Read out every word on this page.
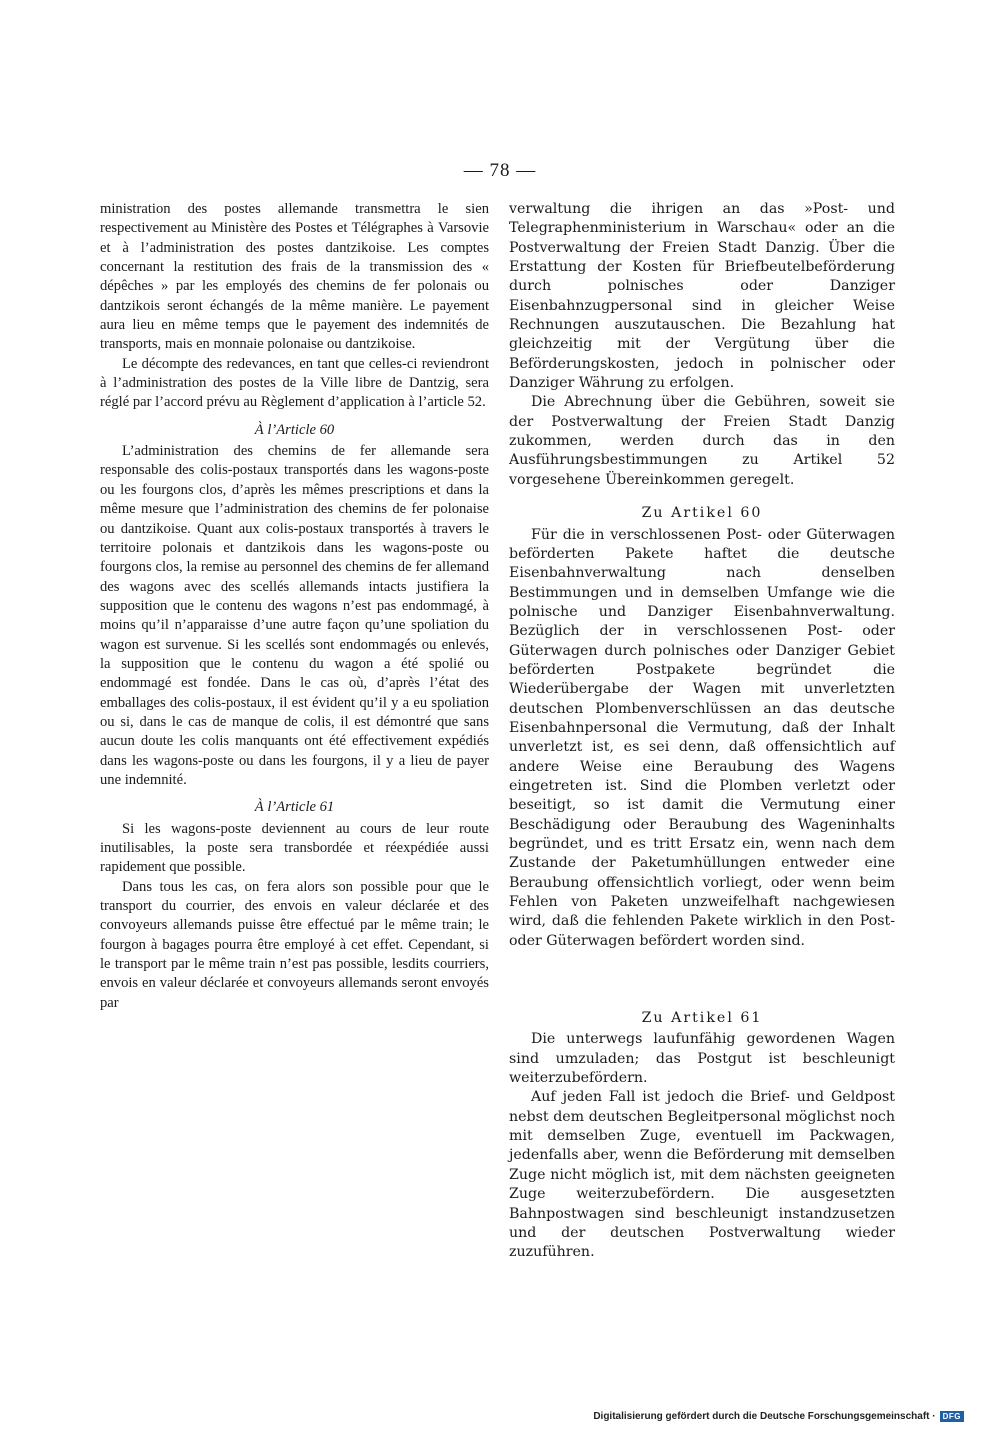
— 78 —

ministration des postes allemande transmettra le sien respectivement au Ministère des Postes et Télégraphes à Varsovie et à l’administration des postes dantzikoise. Les comptes concernant la restitution des frais de la transmission des « dépêches » par les employés des chemins de fer polonais ou dantzikois seront échangés de la même manière. Le payement aura lieu en même temps que le payement des indemnités de transports, mais en monnaie polonaise ou dantzikoise.

Le décompte des redevances, en tant que celles-ci reviendront à l’administration des postes de la Ville libre de Dantzig, sera réglé par l’accord prévu au Règlement d’application à l’article 52.

À l’Article 60

L’administration des chemins de fer allemande sera responsable des colis-postaux transportés dans les wagons-poste ou les fourgons clos, d’après les mêmes prescriptions et dans la même mesure que l’administration des chemins de fer polonaise ou dantzikoise. Quant aux colis-postaux transportés à travers le territoire polonais et dantzikois dans les wagons-poste ou fourgons clos, la remise au personnel des chemins de fer allemand des wagons avec des scellés allemands intacts justifiera la supposition que le contenu des wagons n’est pas endommagé, à moins qu’il n’apparaisse d’une autre façon qu’une spoliation du wagon est survenue. Si les scellés sont endommagés ou enlevés, la supposition que le contenu du wagon a été spolié ou endommagé est fondée. Dans le cas où, d’après l’état des emballages des colis-postaux, il est évident qu’il y a eu spoliation ou si, dans le cas de manque de colis, il est démontré que sans aucun doute les colis manquants ont été effectivement expédiés dans les wagons-poste ou dans les fourgons, il y a lieu de payer une indemnité.

À l’Article 61

Si les wagons-poste deviennent au cours de leur route inutilisables, la poste sera transbordée et réexpédiée aussi rapidement que possible.

Dans tous les cas, on fera alors son possible pour que le transport du courrier, des envois en valeur déclarée et des convoyeurs allemands puisse être effectué par le même train; le fourgon à bagages pourra être employé à cet effet. Cependant, si le transport par le même train n’est pas possible, lesdits courriers, envois en valeur déclarée et convoyeurs allemands seront envoyés par

verwaltung die ihrigen an das »Post- und Telegraphenministerium in Warschau« oder an die Postverwaltung der Freien Stadt Danzig. Über die Erstattung der Kosten für Briefbeutelbeförderung durch polnisches oder Danziger Eisenbahnzugpersonal sind in gleicher Weise Rechnungen auszutauschen. Die Bezahlung hat gleichzeitig mit der Vergütung über die Beförderungskosten, jedoch in polnischer oder Danziger Währung zu erfolgen.

Die Abrechnung über die Gebühren, soweit sie der Postverwaltung der Freien Stadt Danzig zukommen, werden durch das in den Ausführungsbestimmungen zu Artikel 52 vorgesehene Übereinkommen geregelt.

Zu Artikel 60

Für die in verschlossenen Post- oder Güterwagen beförderten Pakete haftet die deutsche Eisenbahnverwaltung nach denselben Bestimmungen und in demselben Umfange wie die polnische und Danziger Eisenbahnverwaltung. Bezüglich der in verschlossenen Post- oder Güterwagen durch polnisches oder Danziger Gebiet beförderten Postpakete begründet die Wiederübergabe der Wagen mit unverletzten deutschen Plombenverschlüssen an das deutsche Eisenbahnpersonal die Vermutung, daß der Inhalt unverletzt ist, es sei denn, daß offensichtlich auf andere Weise eine Beraubung des Wagens eingetreten ist. Sind die Plomben verletzt oder beseitigt, so ist damit die Vermutung einer Beschädigung oder Beraubung des Wageninhalts begründet, und es tritt Ersatz ein, wenn nach dem Zustande der Paketumhüllungen entweder eine Beraubung offensichtlich vorliegt, oder wenn beim Fehlen von Paketen unzweifelhaft nachgewiesen wird, daß die fehlenden Pakete wirklich in den Post- oder Güterwagen befördert worden sind.

Zu Artikel 61

Die unterwegs laufunfähig gewordenen Wagen sind umzuladen; das Postgut ist beschleunigt weiterzubefördern.

Auf jeden Fall ist jedoch die Brief- und Geldpost nebst dem deutschen Begleitpersonal möglichst noch mit demselben Zuge, eventuell im Packwagen, jedenfalls aber, wenn die Beförderung mit demselben Zuge nicht möglich ist, mit dem nächsten geeigneten Zuge weiterzubefördern. Die ausgesetzten Bahnpostwagen sind beschleunigt instandzusetzen und der deutschen Postverwaltung wieder zuzuführen.

Digitalisierung gefördert durch die Deutsche Forschungsgemeinschaft · DFG
